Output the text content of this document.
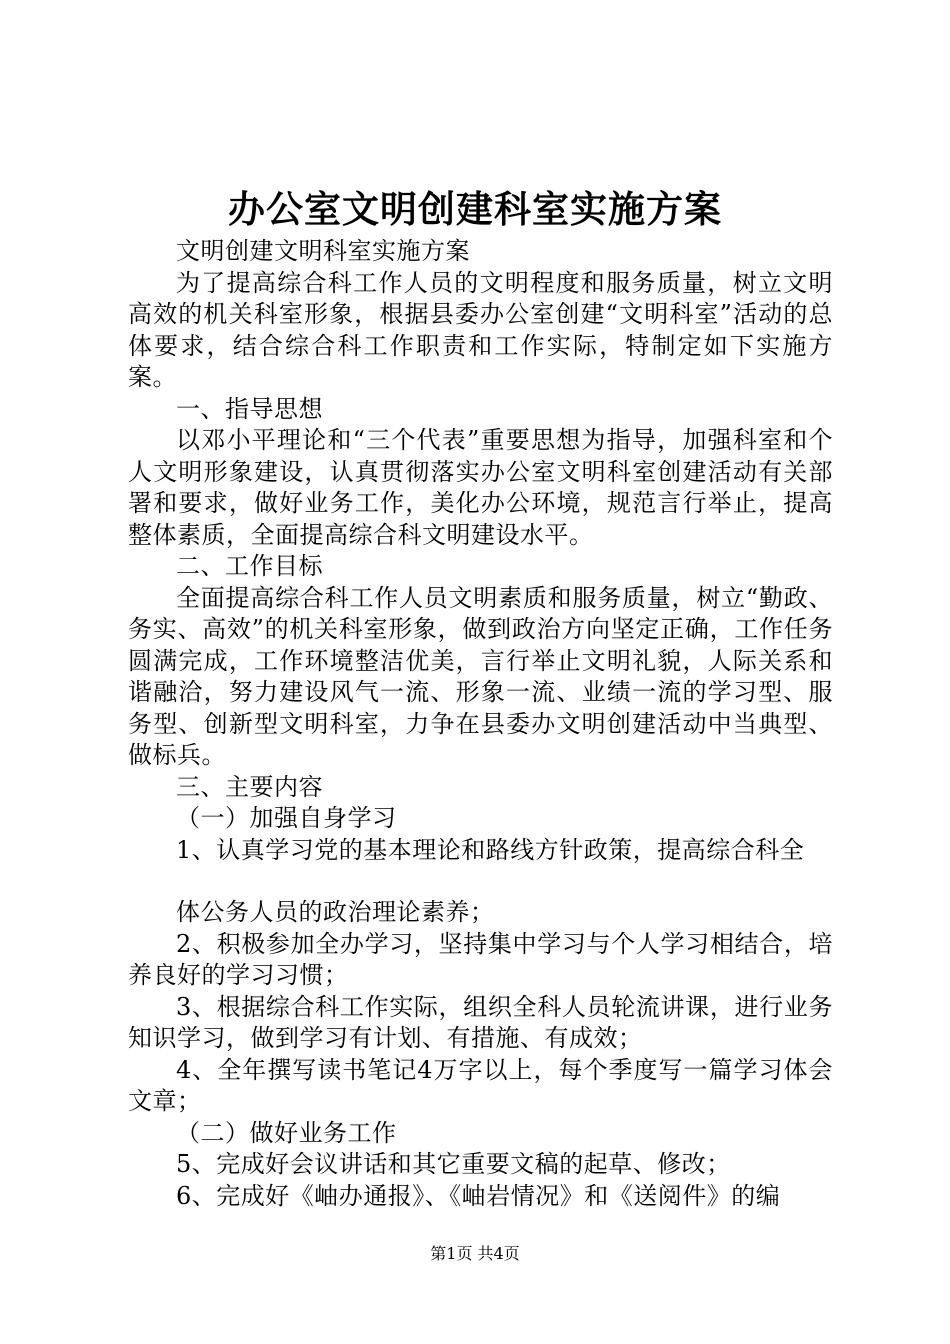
办公室文明创建科室实施方案

文明创建文明科室实施方案

为了提高综合科工作人员的文明程度和服务质量，树立文明高效的机关科室形象，根据县委办公室创建“文明科室”活动的总体要求，结合综合科工作职责和工作实际，特制定如下实施方案。

一、指导思想

以邓小平理论和“三个代表”重要思想为指导，加强科室和个人文明形象建设，认真贯彻落实办公室文明科室创建活动有关部署和要求，做好业务工作，美化办公环境，规范言行举止，提高整体素质，全面提高综合科文明建设水平。

二、工作目标

全面提高综合科工作人员文明素质和服务质量，树立“勤政、务实、高效”的机关科室形象，做到政治方向坚定正确，工作任务圆满完成，工作环境整洁优美，言行举止文明礼貌，人际关系和谐融洽，努力建设风气一流、形象一流、业绩一流的学习型、服务型、创新型文明科室，力争在县委办文明创建活动中当典型、做标兵。

三、主要内容

（一）加强自身学习

1、认真学习党的基本理论和路线方针政策，提高综合科全

体公务人员的政治理论素养；

2、积极参加全办学习，坚持集中学习与个人学习相结合，培养良好的学习习惯；

3、根据综合科工作实际，组织全科人员轮流讲课，进行业务知识学习，做到学习有计划、有措施、有成效；

4、全年撰写读书笔记4万字以上，每个季度写一篇学习体会文章；

（二）做好业务工作

5、完成好会议讲话和其它重要文稿的起草、修改；

6、完成好《岫办通报》、《岫岩情况》和《送阅件》的编

第1页 共4页
